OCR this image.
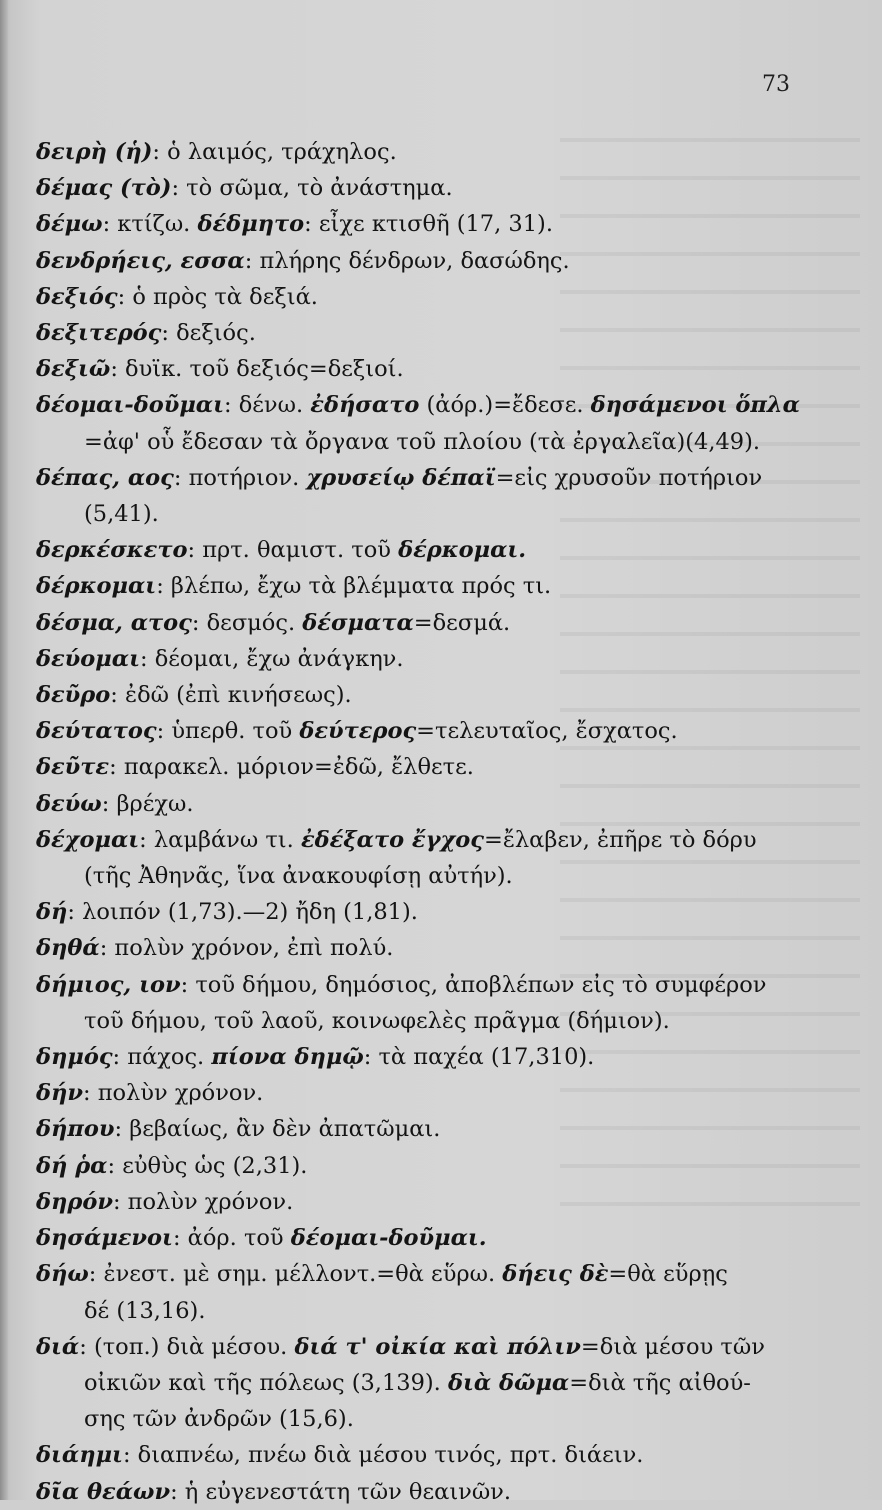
73
δειρὴ (ἡ): ὁ λαιμός, τράχηλος.
δέμας (τὸ): τὸ σῶμα, τὸ ἀνάστημα.
δέμω: κτίζω. δέδμητο: εἶχε κτισθῆ (17, 31).
δενδρήεις, εσσα: πλήρης δένδρων, δασώδης.
δεξιός: ὁ πρὸς τὰ δεξιά.
δεξιτερός: δεξιός.
δεξιῶ: δυϊκ. τοῦ δεξιός=δεξιοί.
δέομαι-δοῦμαι: δένω. ἐδήσατο (ἀόρ.)=ἔδεσε. δησάμενοι ὅπλα
=ἀφ' οὗ ἔδεσαν τὰ ὄργανα τοῦ πλοίου (τὰ ἐργαλεῖα)(4,49).
δέπας, αος: ποτήριον. χρυσείῳ δέπαϊ=εἰς χρυσοῦν ποτήριον
(5,41).
δερκέσκετο: πρτ. θαμιστ. τοῦ δέρκομαι.
δέρκομαι: βλέπω, ἔχω τὰ βλέμματα πρός τι.
δέσμα, ατος: δεσμός. δέσματα=δεσμά.
δεύομαι: δέομαι, ἔχω ἀνάγκην.
δεῦρο: ἐδῶ (ἐπὶ κινήσεως).
δεύτατος: ὑπερθ. τοῦ δεύτερος=τελευταῖος, ἔσχατος.
δεῦτε: παρακελ. μόριον=ἐδῶ, ἔλθετε.
δεύω: βρέχω.
δέχομαι: λαμβάνω τι. ἐδέξατο ἔγχος=ἔλαβεν, ἐπῆρε τὸ δόρυ
(τῆς Ἀθηνᾶς, ἵνα ἀνακουφίσῃ αὐτήν).
δή: λοιπόν (1,73).—2) ἤδη (1,81).
δηθά: πολὺν χρόνον, ἐπὶ πολύ.
δήμιος, ιον: τοῦ δήμου, δημόσιος, ἀποβλέπων εἰς τὸ συμφέρον
τοῦ δήμου, τοῦ λαοῦ, κοινωφελὲς πρᾶγμα (δήμιον).
δημός: πάχος. πίονα δημῷ: τὰ παχέα (17,310).
δήν: πολὺν χρόνον.
δήπου: βεβαίως, ἂν δὲν ἀπατῶμαι.
δή ῥα: εὐθὺς ὡς (2,31).
δηρόν: πολὺν χρόνον.
δησάμενοι: ἀόρ. τοῦ δέομαι-δοῦμαι.
δήω: ἐνεστ. μὲ σημ. μέλλοντ.=θὰ εὕρω. δήεις δὲ=θὰ εὕρῃς
δέ (13,16).
διά: (τοπ.) διὰ μέσου. διά τ' οἰκία καὶ πόλιν=διὰ μέσου τῶν
οἰκιῶν καὶ τῆς πόλεως (3,139). διὰ δῶμα=διὰ τῆς αἰθού-
σης τῶν ἀνδρῶν (15,6).
διάημι: διαπνέω, πνέω διὰ μέσου τινός, πρτ. διάειν.
δῖα θεάων: ἡ εὐγενεστάτη τῶν θεαινῶν.
